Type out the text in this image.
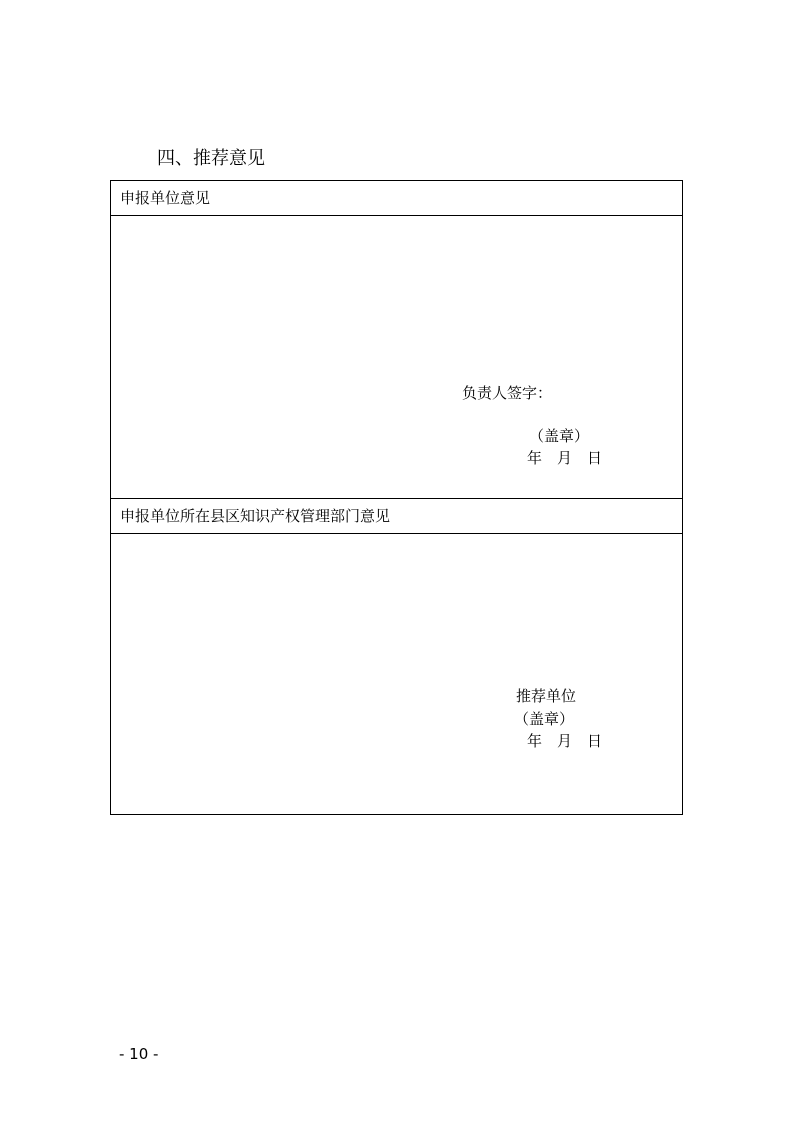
四、推荐意见
申报单位意见
负责人签字：
（盖章）
年　月　日
申报单位所在县区知识产权管理部门意见
推荐单位
（盖章）
年　月　日
- 10 -
